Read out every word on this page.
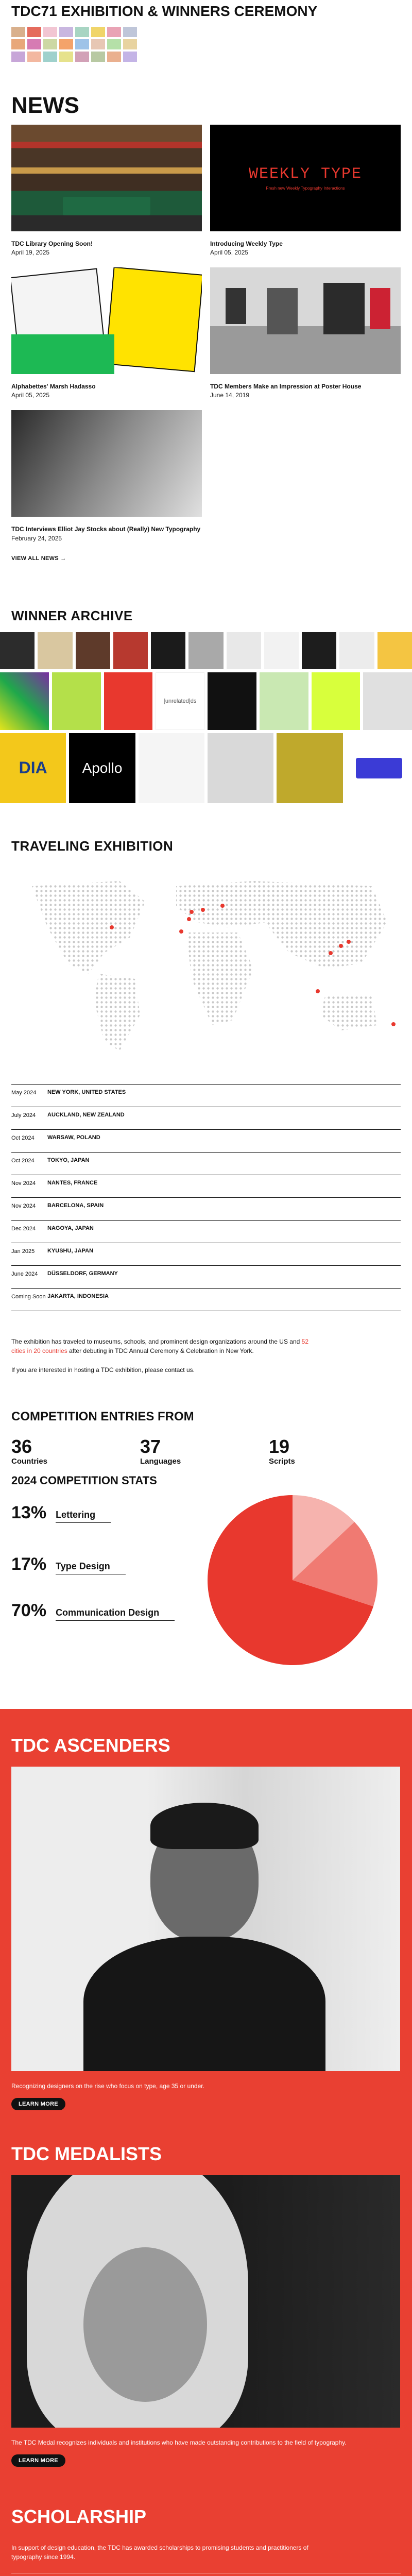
TDC71 EXHIBITION & WINNERS CEREMONY
NEWS
TDC Library Opening Soon!
April 19, 2025
WEEKLY TYPE
Fresh new Weekly Typography Interactions
Introducing Weekly Type
April 05, 2025
Alphabettes' Marsh Hadasso
April 05, 2025
TDC Members Make an Impression at Poster House
June 14, 2019
TDC Interviews Elliot Jay Stocks about (Really) New Typography
February 24, 2025
VIEW ALL NEWS →
WINNER ARCHIVE
[unrelated]ds
DIA	Apollo
TRAVELING EXHIBITION
May 2024	NEW YORK, UNITED STATES
July 2024	AUCKLAND, NEW ZEALAND
Oct 2024	WARSAW, POLAND
Oct 2024	TOKYO, JAPAN
Nov 2024	NANTES, FRANCE
Nov 2024	BARCELONA, SPAIN
Dec 2024	NAGOYA, JAPAN
Jan 2025	KYUSHU, JAPAN
June 2024	DÜSSELDORF, GERMANY
Coming Soon JAKARTA, INDONESIA
The exhibition has traveled to museums, schools, and prominent design organizations around the US and 52 cities in 20 countries after debuting in TDC Annual Ceremony & Celebration in New York.
If you are interested in hosting a TDC exhibition, please contact us.
COMPETITION ENTRIES FROM
36
Countries
37
Languages
19
Scripts
2024 COMPETITION STATS
13% Lettering
17% Type Design
70% Communication Design
TDC ASCENDERS
Recognizing designers on the rise who focus on type, age 35 or under.
LEARN MORE
TDC MEDALISTS
The TDC Medal recognizes individuals and institutions who have made outstanding contributions to the field of typography.
LEARN MORE
SCHOLARSHIP
In support of design education, the TDC has awarded scholarships to promising students and practitioners of typography since 1994.
